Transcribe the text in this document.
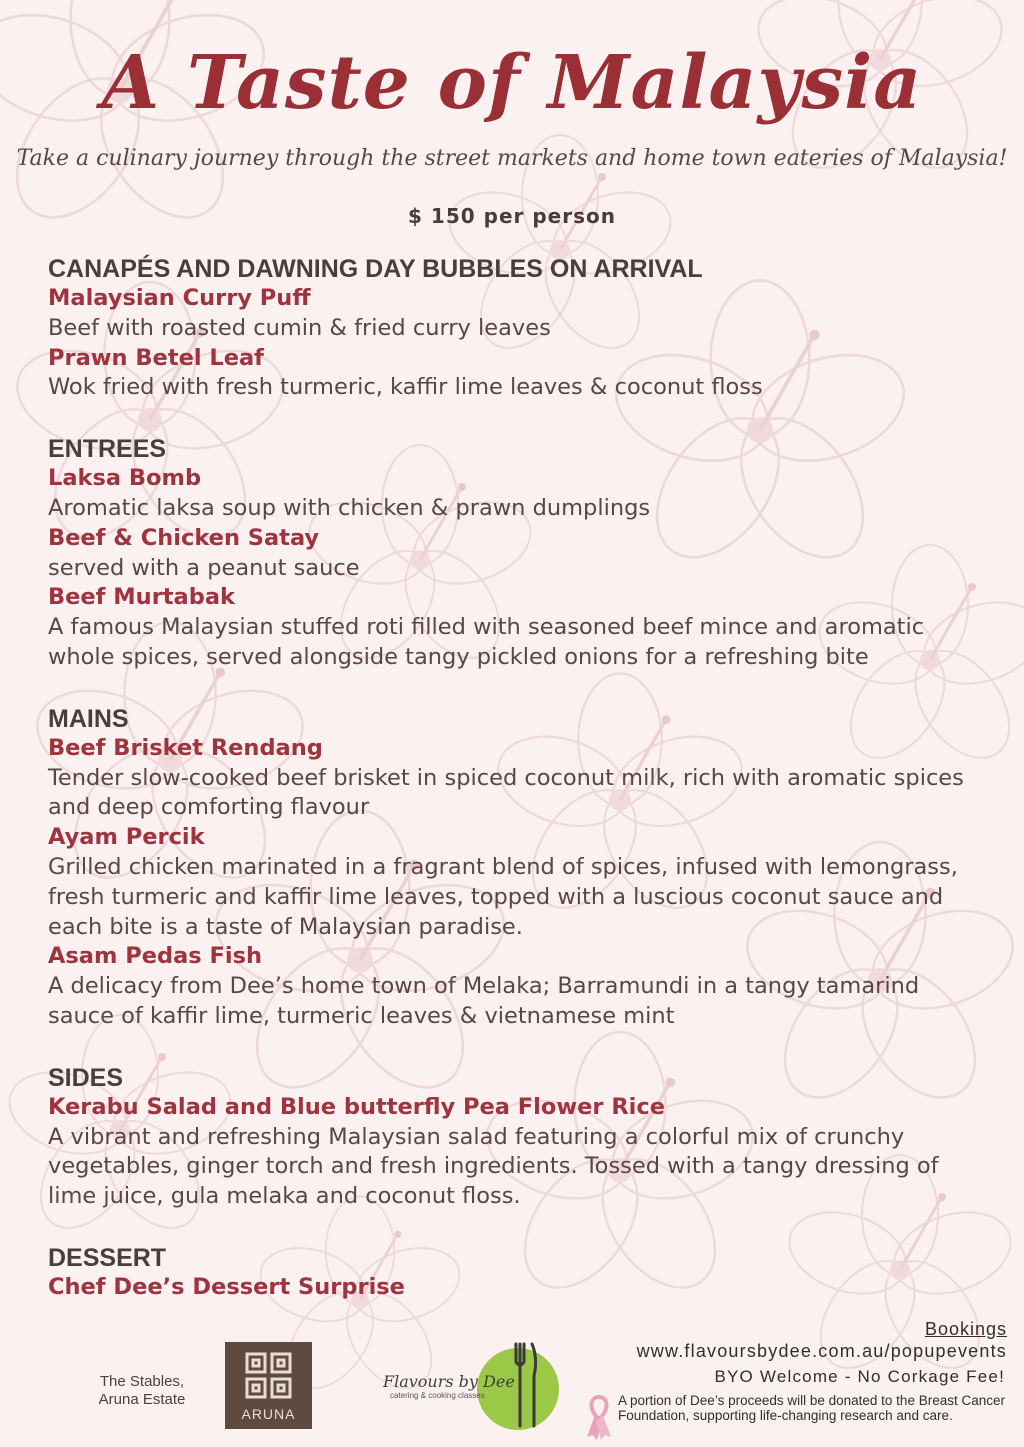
A Taste of Malaysia

Take a culinary journey through the street markets and home town eateries of Malaysia!

$ 150 per person

CANAPÉS AND DAWNING DAY BUBBLES ON ARRIVAL

Malaysian Curry Puff

Beef with roasted cumin & fried curry leaves

Prawn Betel Leaf

Wok fried with fresh turmeric, kaffir lime leaves & coconut floss

ENTREES

Laksa Bomb

Aromatic laksa soup with chicken & prawn dumplings

Beef & Chicken Satay

served with a peanut sauce

Beef Murtabak

A famous Malaysian stuffed roti filled with seasoned beef mince and aromatic whole spices, served alongside tangy pickled onions for a refreshing bite

MAINS

Beef Brisket Rendang

Tender slow-cooked beef brisket in spiced coconut milk, rich with aromatic spices and deep comforting flavour

Ayam Percik

Grilled chicken marinated in a fragrant blend of spices, infused with lemongrass, fresh turmeric and kaffir lime leaves, topped with a luscious coconut sauce and each bite is a taste of Malaysian paradise.

Asam Pedas Fish

A delicacy from Dee’s home town of Melaka; Barramundi in a tangy tamarind sauce of kaffir lime, turmeric leaves & vietnamese mint

SIDES

Kerabu Salad and Blue butterfly Pea Flower Rice

A vibrant and refreshing Malaysian salad featuring a colorful mix of crunchy vegetables, ginger torch and fresh ingredients. Tossed with a tangy dressing of lime juice, gula melaka and coconut floss.

DESSERT

Chef Dee’s Dessert Surprise

The Stables,
Aruna Estate
ARUNA
Flavours by Dee
catering & cooking classes
Bookings
www.flavoursbydee.com.au/popupevents
BYO Welcome - No Corkage Fee!
A portion of Dee’s proceeds will be donated to the Breast Cancer Foundation, supporting life-changing research and care.
